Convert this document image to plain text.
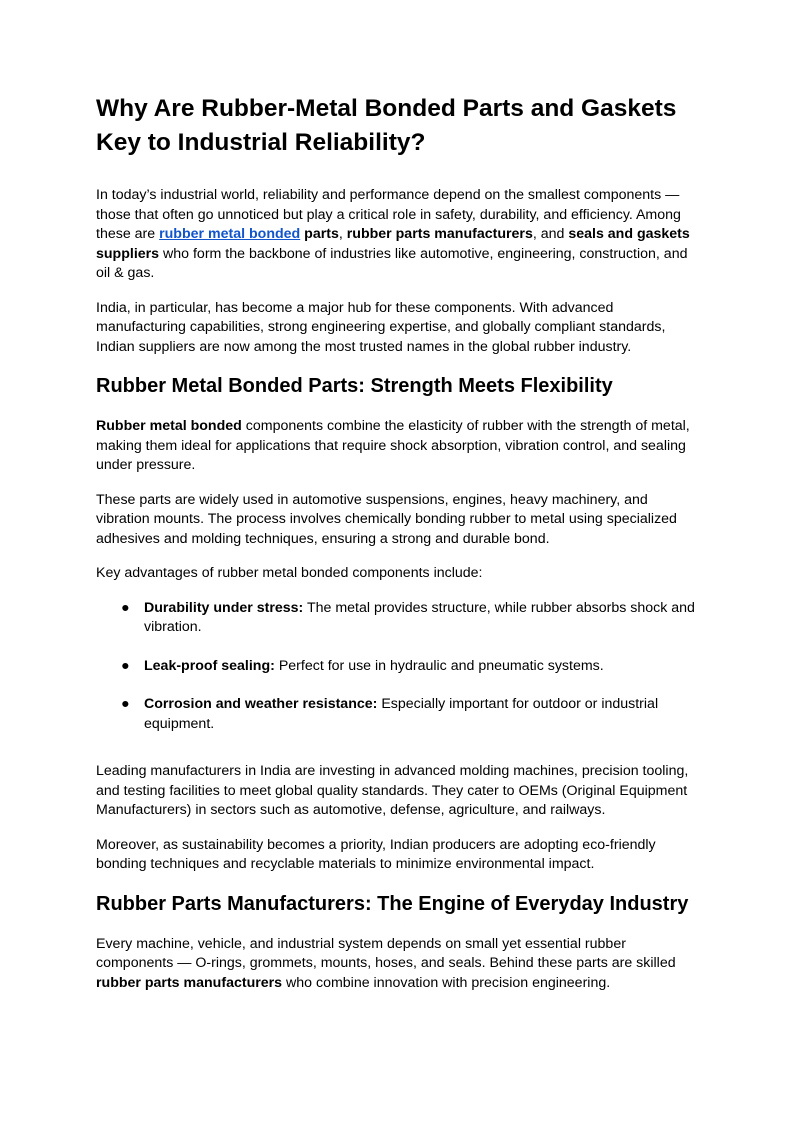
Why Are Rubber-Metal Bonded Parts and Gaskets Key to Industrial Reliability?

In today’s industrial world, reliability and performance depend on the smallest components — those that often go unnoticed but play a critical role in safety, durability, and efficiency. Among these are rubber metal bonded parts, rubber parts manufacturers, and seals and gaskets suppliers who form the backbone of industries like automotive, engineering, construction, and oil & gas.

India, in particular, has become a major hub for these components. With advanced manufacturing capabilities, strong engineering expertise, and globally compliant standards, Indian suppliers are now among the most trusted names in the global rubber industry.

Rubber Metal Bonded Parts: Strength Meets Flexibility

Rubber metal bonded components combine the elasticity of rubber with the strength of metal, making them ideal for applications that require shock absorption, vibration control, and sealing under pressure.

These parts are widely used in automotive suspensions, engines, heavy machinery, and vibration mounts. The process involves chemically bonding rubber to metal using specialized adhesives and molding techniques, ensuring a strong and durable bond.

Key advantages of rubber metal bonded components include:

● Durability under stress: The metal provides structure, while rubber absorbs shock and vibration.
● Leak-proof sealing: Perfect for use in hydraulic and pneumatic systems.
● Corrosion and weather resistance: Especially important for outdoor or industrial equipment.

Leading manufacturers in India are investing in advanced molding machines, precision tooling, and testing facilities to meet global quality standards. They cater to OEMs (Original Equipment Manufacturers) in sectors such as automotive, defense, agriculture, and railways.

Moreover, as sustainability becomes a priority, Indian producers are adopting eco-friendly bonding techniques and recyclable materials to minimize environmental impact.

Rubber Parts Manufacturers: The Engine of Everyday Industry

Every machine, vehicle, and industrial system depends on small yet essential rubber components — O-rings, grommets, mounts, hoses, and seals. Behind these parts are skilled rubber parts manufacturers who combine innovation with precision engineering.
